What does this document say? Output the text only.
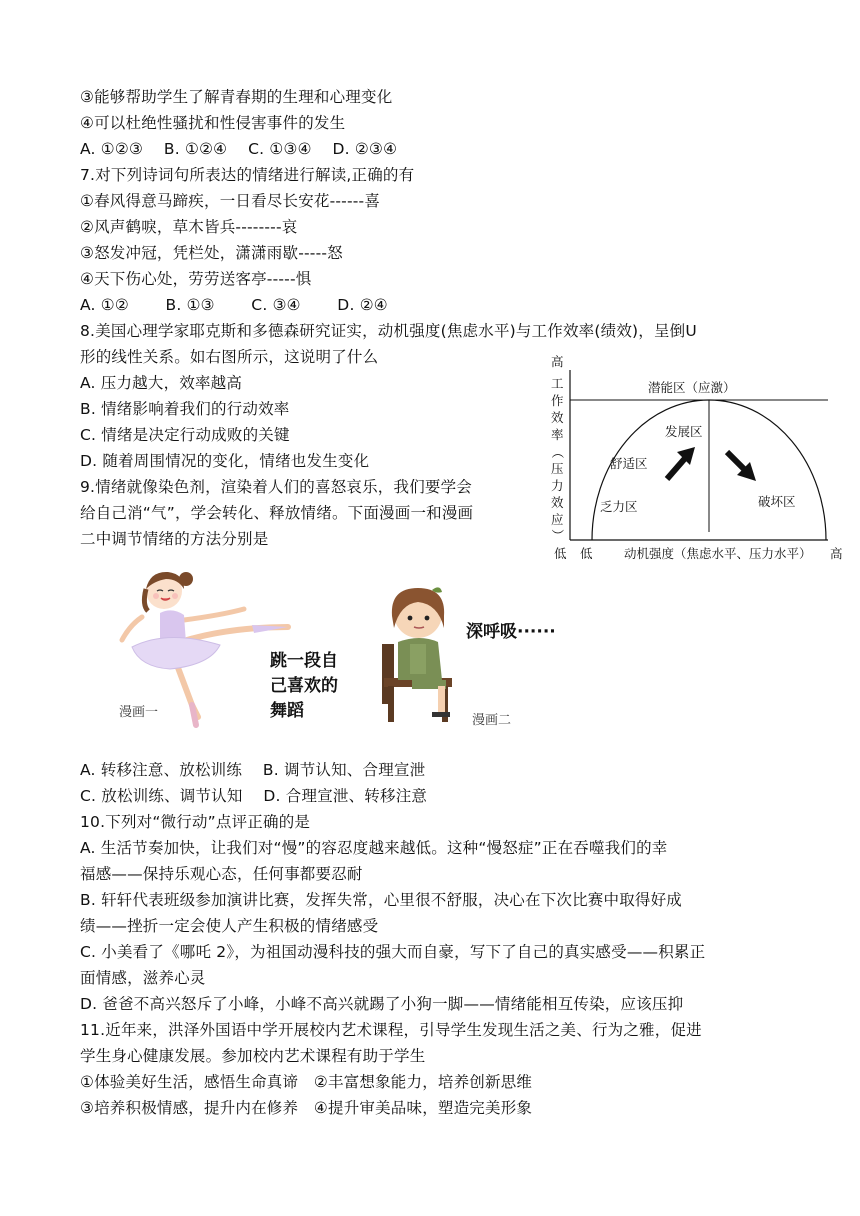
③能够帮助学生了解青春期的生理和心理变化
④可以杜绝性骚扰和性侵害事件的发生
A. ①②③　 B. ①②④　 C. ①③④　 D. ②③④
7.对下列诗词句所表达的情绪进行解读,正确的有
①春风得意马蹄疾，一日看尽长安花------喜
②风声鹤唳，草木皆兵--------哀
③怒发冲冠，凭栏处，潇潇雨歇-----怒
④天下伤心处，劳劳送客亭-----惧
A. ①②　　 B. ①③　　 C. ③④　　 D. ②④
8.美国心理学家耶克斯和多德森研究证实，动机强度(焦虑水平)与工作效率(绩效)，呈倒U
形的线性关系。如右图所示，这说明了什么
A. 压力越大，效率越高
B. 情绪影响着我们的行动效率
C. 情绪是决定行动成败的关键
D. 随着周围情况的变化，情绪也发生变化
9.情绪就像染色剂，渲染着人们的喜怒哀乐，我们要学会
给自己消“气”，学会转化、释放情绪。下面漫画一和漫画
二中调节情绪的方法分别是
高
工
作
效
率
（
压
力
效
应
）
低 低	动机强度（焦虑水平、压力水平） 高
潜能区（应激）
发展区
舒适区
乏力区	破坏区
漫画一
跳一段自
己喜欢的
舞蹈
深呼吸······
漫画二
A. 转移注意、放松训练　 B. 调节认知、合理宣泄
C. 放松训练、调节认知　 D. 合理宣泄、转移注意
10.下列对“微行动”点评正确的是
A. 生活节奏加快，让我们对“慢”的容忍度越来越低。这种“慢怒症”正在吞噬我们的幸
福感——保持乐观心态，任何事都要忍耐
B. 轩轩代表班级参加演讲比赛，发挥失常，心里很不舒服，决心在下次比赛中取得好成
绩——挫折一定会使人产生积极的情绪感受
C. 小美看了《哪吒 2》，为祖国动漫科技的强大而自豪，写下了自己的真实感受——积累正
面情感，滋养心灵
D. 爸爸不高兴怒斥了小峰，小峰不高兴就踢了小狗一脚——情绪能相互传染，应该压抑
11.近年来，洪泽外国语中学开展校内艺术课程，引导学生发现生活之美、行为之雅，促进
学生身心健康发展。参加校内艺术课程有助于学生
①体验美好生活，感悟生命真谛　②丰富想象能力，培养创新思维
③培养积极情感，提升内在修养　④提升审美品味，塑造完美形象
